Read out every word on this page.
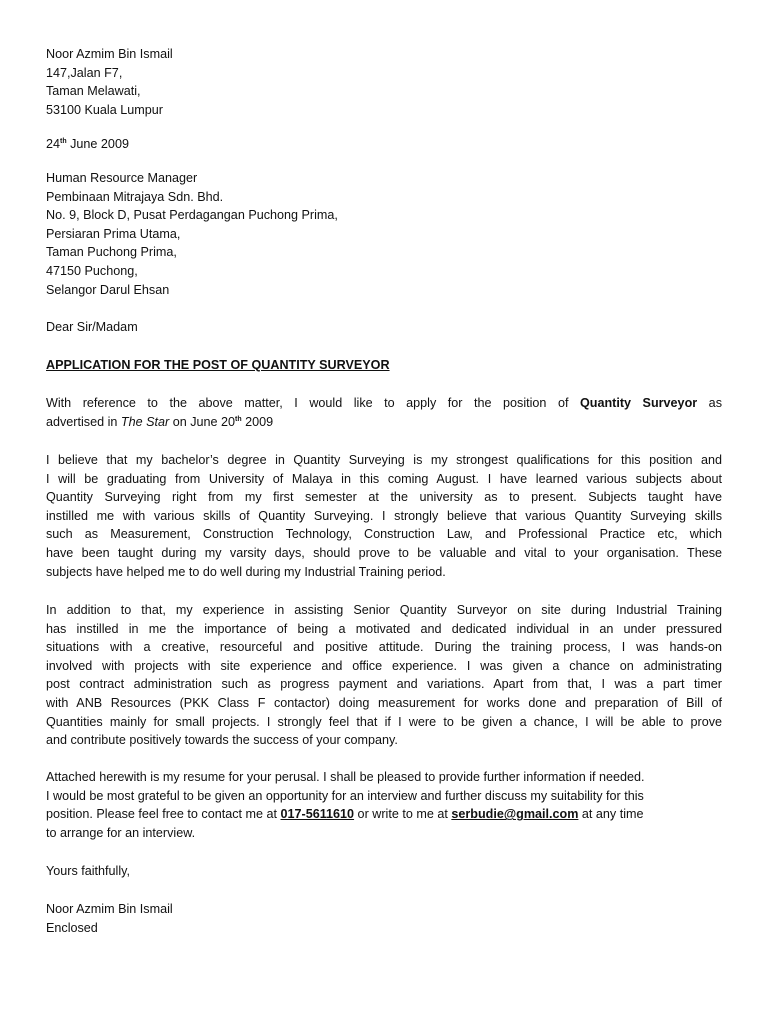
Noor Azmim Bin Ismail
147,Jalan F7,
Taman Melawati,
53100 Kuala Lumpur
24th June 2009
Human Resource Manager
Pembinaan Mitrajaya Sdn. Bhd.
No. 9, Block D, Pusat Perdagangan Puchong Prima,
Persiaran Prima Utama,
Taman Puchong Prima,
47150 Puchong,
Selangor Darul Ehsan
Dear Sir/Madam
APPLICATION FOR THE POST OF QUANTITY SURVEYOR
With reference to the above matter, I would like to apply for the position of Quantity Surveyor as
advertised in The Star on June 20th 2009
I believe that my bachelor’s degree in Quantity Surveying is my strongest qualifications for this position and
I will be graduating from University of Malaya in this coming August. I have learned various subjects about
Quantity Surveying right from my first semester at the university as to present. Subjects taught have
instilled me with various skills of Quantity Surveying. I strongly believe that various Quantity Surveying skills
such as Measurement, Construction Technology, Construction Law, and Professional Practice etc, which
have been taught during my varsity days, should prove to be valuable and vital to your organisation. These
subjects have helped me to do well during my Industrial Training period.
In addition to that, my experience in assisting Senior Quantity Surveyor on site during Industrial Training
has instilled in me the importance of being a motivated and dedicated individual in an under pressured
situations with a creative, resourceful and positive attitude. During the training process, I was hands-on
involved with projects with site experience and office experience. I was given a chance on administrating
post contract administration such as progress payment and variations. Apart from that, I was a part timer
with ANB Resources (PKK Class F contactor) doing measurement for works done and preparation of Bill of
Quantities mainly for small projects. I strongly feel that if I were to be given a chance, I will be able to prove
and contribute positively towards the success of your company.
Attached herewith is my resume for your perusal. I shall be pleased to provide further information if needed.
I would be most grateful to be given an opportunity for an interview and further discuss my suitability for this
position. Please feel free to contact me at 017-5611610 or write to me at serbudie@gmail.com at any time
to arrange for an interview.
Yours faithfully,
Noor Azmim Bin Ismail
Enclosed
